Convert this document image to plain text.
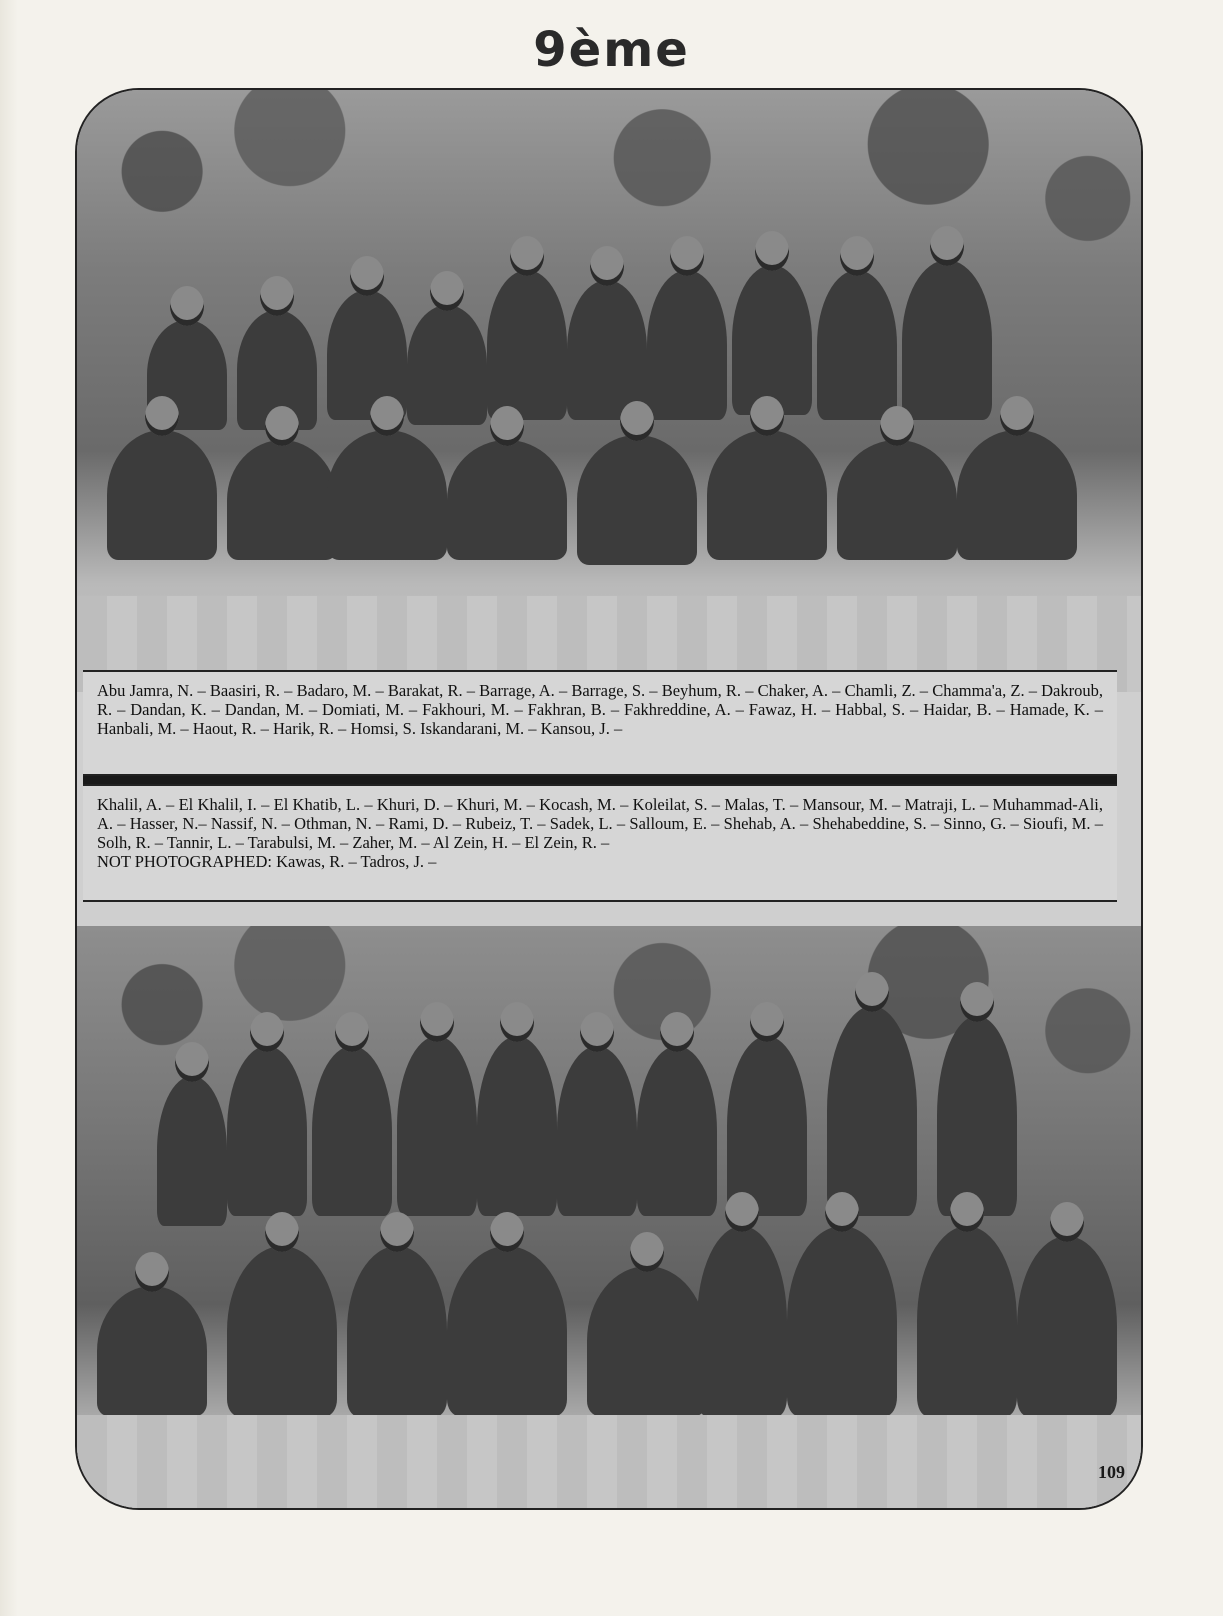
9ème
Abu Jamra, N. – Baasiri, R. – Badaro, M. – Barakat, R. – Barrage, A. – Barrage, S. – Beyhum, R. – Chaker, A. – Chamli, Z. – Chamma'a, Z. – Dakroub, R. – Dandan, K. – Dandan, M. – Domiati, M. – Fakhouri, M. – Fakhran, B. – Fakhreddine, A. – Fawaz, H. – Habbal, S. – Haidar, B. – Hamade, K. – Hanbali, M. – Haout, R. – Harik, R. – Homsi, S. Iskandarani, M. – Kansou, J. –
Khalil, A. – El Khalil, I. – El Khatib, L. – Khuri, D. – Khuri, M. – Kocash, M. – Koleilat, S. – Malas, T. – Mansour, M. – Matraji, L. – Muhammad-Ali, A. – Hasser, N.– Nassif, N. – Othman, N. – Rami, D. – Rubeiz, T. – Sadek, L. – Salloum, E. – Shehab, A. – Shehabeddine, S. – Sinno, G. – Sioufi, M. – Solh, R. – Tannir, L. – Tarabulsi, M. – Zaher, M. – Al Zein, H. – El Zein, R. –
NOT PHOTOGRAPHED: Kawas, R. – Tadros, J. –
109
